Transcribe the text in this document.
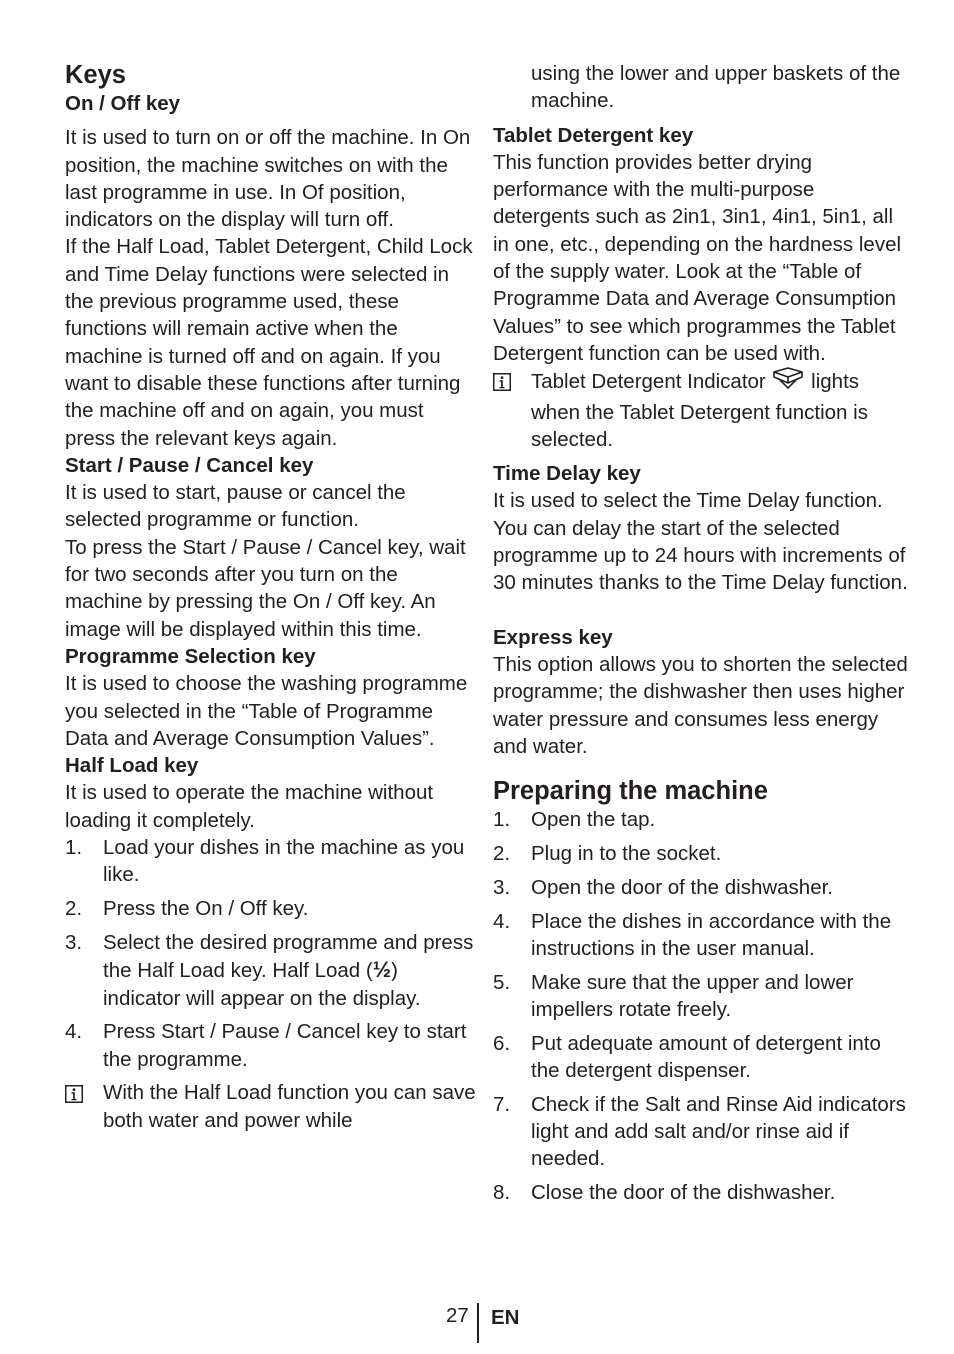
Keys
On / Off key

It is used to turn on or off the machine. In On position, the machine switches on with the last programme in use. In Of position, indicators on the display will turn off.

If the Half Load, Tablet Detergent, Child Lock and Time Delay functions were selected in the previous programme used, these functions will remain active when the machine is turned off and on again. If you want to disable these functions after turning the machine off and on again, you must press the relevant keys again.

Start / Pause / Cancel key

It is used to start, pause or cancel the selected programme or function.

To press the Start / Pause / Cancel key, wait for two seconds after you turn on the machine by pressing the On / Off key. An image will be displayed within this time.

Programme Selection key

It is used to choose the washing programme you selected in the “Table of Programme Data and Average Consumption Values”.

Half Load key

It is used to operate the machine without loading it completely.

1.	Load your dishes in the machine as you like.
2.	Press the On / Off key.
3.	Select the desired programme and press the Half Load key. Half Load (½) indicator will appear on the display.
4.	Press Start / Pause / Cancel key to start the programme.
With the Half Load function you can save both water and power while

using the lower and upper baskets of the machine.

Tablet Detergent key

This function provides better drying performance with the multi-purpose detergents such as 2in1, 3in1, 4in1, 5in1, all in one, etc., depending on the hardness level of the supply water. Look at the “Table of Programme Data and Average Consumption Values” to see which programmes the Tablet Detergent function can be used with.

Tablet Detergent Indicator lights when the Tablet Detergent function is selected.
Time Delay key

It is used to select the Time Delay function. You can delay the start of the selected programme up to 24 hours with increments of 30 minutes thanks to the Time Delay function.

Express key

This option allows you to shorten the selected programme; the dishwasher then uses higher water pressure and consumes less energy and water.

Preparing the machine
1.	Open the tap.
2.	Plug in to the socket.
3.	Open the door of the dishwasher.
4.	Place the dishes in accordance with the instructions in the user manual.
5.	Make sure that the upper and lower impellers rotate freely.
6.	Put adequate amount of detergent into the detergent dispenser.
7.	Check if the Salt and Rinse Aid indicators light and add salt and/or rinse aid if needed.
8.	Close the door of the dishwasher.
27 EN
